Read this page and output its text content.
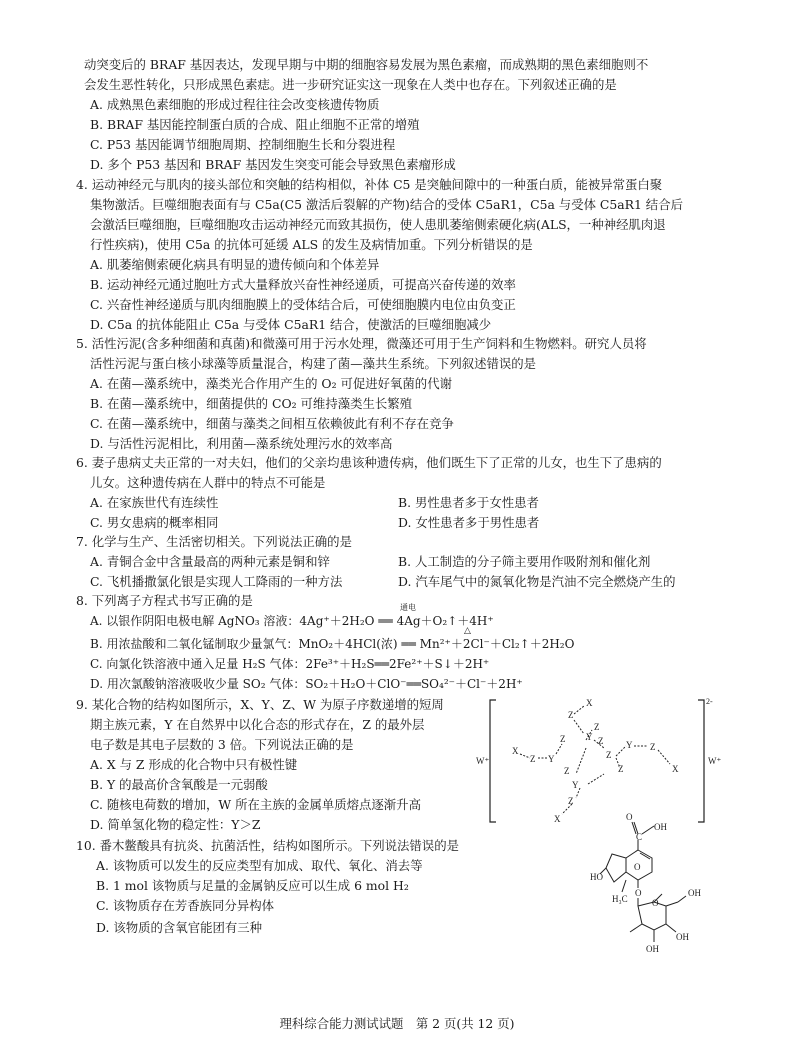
动突变后的 BRAF 基因表达，发现早期与中期的细胞容易发展为黑色素瘤，而成熟期的黑色素细胞则不
会发生恶性转化，只形成黑色素痣。进一步研究证实这一现象在人类中也存在。下列叙述正确的是
A. 成熟黑色素细胞的形成过程往往会改变核遗传物质
B. BRAF 基因能控制蛋白质的合成、阻止细胞不正常的增殖
C. P53 基因能调节细胞周期、控制细胞生长和分裂进程
D. 多个 P53 基因和 BRAF 基因发生突变可能会导致黑色素瘤形成
4. 运动神经元与肌肉的接头部位和突触的结构相似，补体 C5 是突触间隙中的一种蛋白质，能被异常蛋白聚
集物激活。巨噬细胞表面有与 C5a(C5 激活后裂解的产物)结合的受体 C5aR1，C5a 与受体 C5aR1 结合后
会激活巨噬细胞，巨噬细胞攻击运动神经元而致其损伤，使人患肌萎缩侧索硬化病(ALS，一种神经肌肉退
行性疾病)，使用 C5a 的抗体可延缓 ALS 的发生及病情加重。下列分析错误的是
A. 肌萎缩侧索硬化病具有明显的遗传倾向和个体差异
B. 运动神经元通过胞吐方式大量释放兴奋性神经递质，可提高兴奋传递的效率
C. 兴奋性神经递质与肌肉细胞膜上的受体结合后，可使细胞膜内电位由负变正
D. C5a 的抗体能阻止 C5a 与受体 C5aR1 结合，使激活的巨噬细胞减少
5. 活性污泥(含多种细菌和真菌)和微藻可用于污水处理，微藻还可用于生产饲料和生物燃料。研究人员将
活性污泥与蛋白核小球藻等质量混合，构建了菌—藻共生系统。下列叙述错误的是
A. 在菌—藻系统中，藻类光合作用产生的 O₂ 可促进好氧菌的代谢
B. 在菌—藻系统中，细菌提供的 CO₂ 可维持藻类生长繁殖
C. 在菌—藻系统中，细菌与藻类之间相互依赖彼此有利不存在竞争
D. 与活性污泥相比，利用菌—藻系统处理污水的效率高
6. 妻子患病丈夫正常的一对夫妇，他们的父亲均患该种遗传病，他们既生下了正常的儿女，也生下了患病的
儿女。这种遗传病在人群中的特点不可能是
A. 在家族世代有连续性	B. 男性患者多于女性患者
C. 男女患病的概率相同	D. 女性患者多于男性患者
7. 化学与生产、生活密切相关。下列说法正确的是
A. 青铜合金中含量最高的两种元素是铜和锌	B. 人工制造的分子筛主要用作吸附剂和催化剂
C. 飞机播撒氯化银是实现人工降雨的一种方法	D. 汽车尾气中的氮氧化物是汽油不完全燃烧产生的
8. 下列离子方程式书写正确的是
A. 以银作阴阳电极电解 AgNO₃ 溶液：4Ag⁺＋2H₂O ══ 4Ag＋O₂↑＋4H⁺
通电
B. 用浓盐酸和二氧化锰制取少量氯气：MnO₂＋4HCl(浓) ══ Mn²⁺＋2Cl⁻＋Cl₂↑＋2H₂O
△
C. 向氯化铁溶液中通入足量 H₂S 气体：2Fe³⁺＋H₂S══2Fe²⁺＋S↓＋2H⁺
D. 用次氯酸钠溶液吸收少量 SO₂ 气体：SO₂＋H₂O＋ClO⁻══SO₄²⁻＋Cl⁻＋2H⁺
9. 某化合物的结构如图所示，X、Y、Z、W 为原子序数递增的短周
期主族元素，Y 在自然界中以化合态的形式存在，Z 的最外层
电子数是其电子层数的 3 倍。下列说法正确的是
A. X 与 Z 形成的化合物中只有极性键
B. Y 的最高价含氧酸是一元弱酸
C. 随核电荷数的增加，W 所在主族的金属单质熔点逐渐升高
D. 简单氢化物的稳定性：Y＞Z
2-
W⁺	W⁺
X
Z Y
Z
Z
X
Y
Z
Z
Z
Y Z
X
Z
Y
Z
X
Z
10. 番木鳖酸具有抗炎、抗菌活性，结构如图所示。下列说法错误的是
A. 该物质可以发生的反应类型有加成、取代、氧化、消去等
B. 1 mol 该物质与足量的金属钠反应可以生成 6 mol H₂
C. 该物质存在芳香族同分异构体
D. 该物质的含氧官能团有三种
O
C
OH
HO
H₃C
O
O
O
OH
OH
OH
理科综合能力测试试题　第 2 页(共 12 页)
